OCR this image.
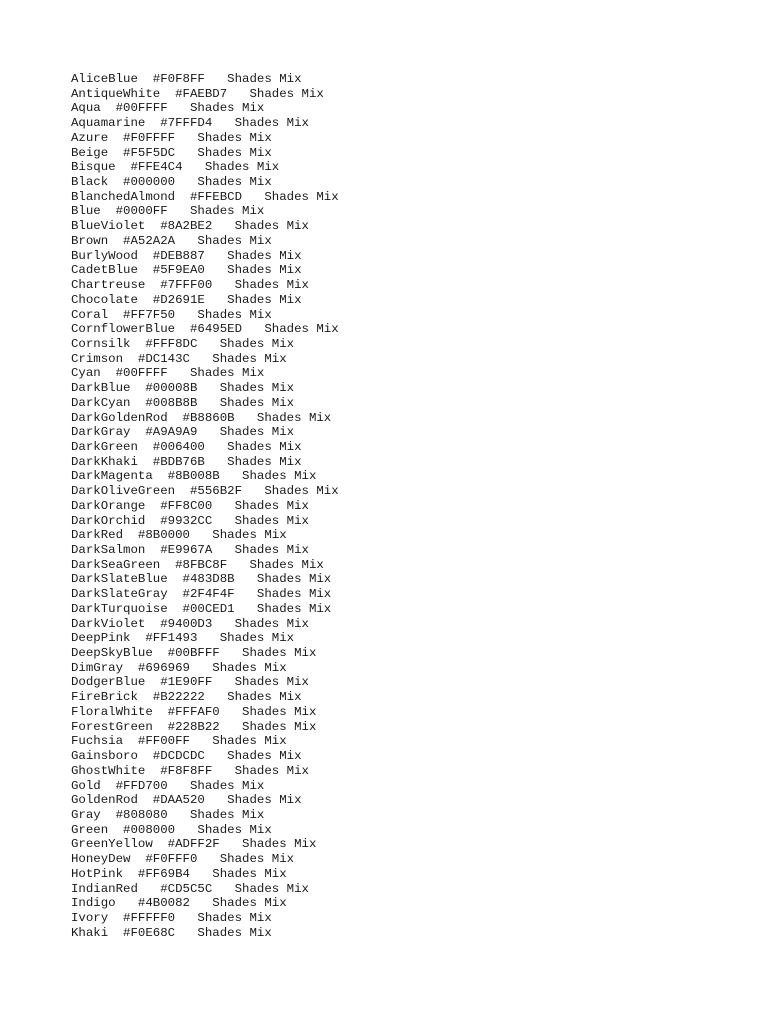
AliceBlue  #F0F8FF   Shades Mix
AntiqueWhite  #FAEBD7   Shades Mix
Aqua  #00FFFF   Shades Mix
Aquamarine  #7FFFD4   Shades Mix
Azure  #F0FFFF   Shades Mix
Beige  #F5F5DC   Shades Mix
Bisque  #FFE4C4   Shades Mix
Black  #000000   Shades Mix
BlanchedAlmond  #FFEBCD   Shades Mix
Blue  #0000FF   Shades Mix
BlueViolet  #8A2BE2   Shades Mix
Brown  #A52A2A   Shades Mix
BurlyWood  #DEB887   Shades Mix
CadetBlue  #5F9EA0   Shades Mix
Chartreuse  #7FFF00   Shades Mix
Chocolate  #D2691E   Shades Mix
Coral  #FF7F50   Shades Mix
CornflowerBlue  #6495ED   Shades Mix
Cornsilk  #FFF8DC   Shades Mix
Crimson  #DC143C   Shades Mix
Cyan  #00FFFF   Shades Mix
DarkBlue  #00008B   Shades Mix
DarkCyan  #008B8B   Shades Mix
DarkGoldenRod  #B8860B   Shades Mix
DarkGray  #A9A9A9   Shades Mix
DarkGreen  #006400   Shades Mix
DarkKhaki  #BDB76B   Shades Mix
DarkMagenta  #8B008B   Shades Mix
DarkOliveGreen  #556B2F   Shades Mix
DarkOrange  #FF8C00   Shades Mix
DarkOrchid  #9932CC   Shades Mix
DarkRed  #8B0000   Shades Mix
DarkSalmon  #E9967A   Shades Mix
DarkSeaGreen  #8FBC8F   Shades Mix
DarkSlateBlue  #483D8B   Shades Mix
DarkSlateGray  #2F4F4F   Shades Mix
DarkTurquoise  #00CED1   Shades Mix
DarkViolet  #9400D3   Shades Mix
DeepPink  #FF1493   Shades Mix
DeepSkyBlue  #00BFFF   Shades Mix
DimGray  #696969   Shades Mix
DodgerBlue  #1E90FF   Shades Mix
FireBrick  #B22222   Shades Mix
FloralWhite  #FFFAF0   Shades Mix
ForestGreen  #228B22   Shades Mix
Fuchsia  #FF00FF   Shades Mix
Gainsboro  #DCDCDC   Shades Mix
GhostWhite  #F8F8FF   Shades Mix
Gold  #FFD700   Shades Mix
GoldenRod  #DAA520   Shades Mix
Gray  #808080   Shades Mix
Green  #008000   Shades Mix
GreenYellow  #ADFF2F   Shades Mix
HoneyDew  #F0FFF0   Shades Mix
HotPink  #FF69B4   Shades Mix
IndianRed   #CD5C5C   Shades Mix
Indigo   #4B0082   Shades Mix
Ivory  #FFFFF0   Shades Mix
Khaki  #F0E68C   Shades Mix
